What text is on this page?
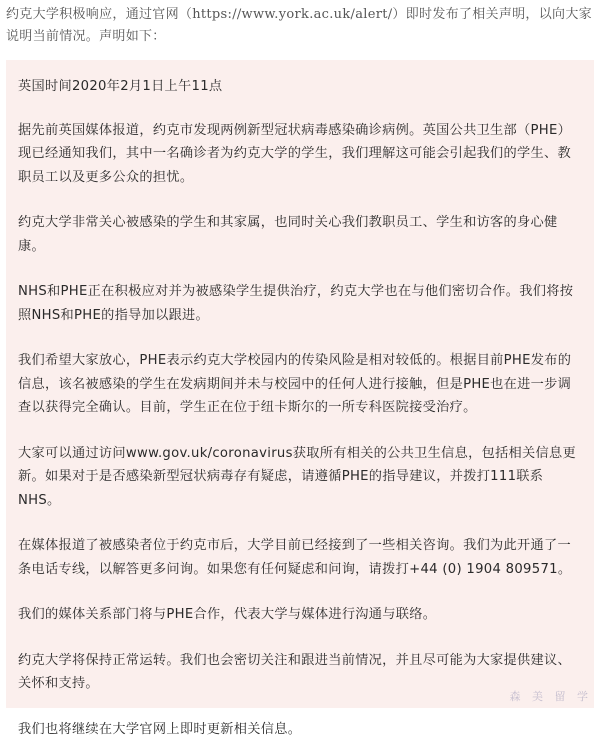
约克大学积极响应，通过官网（https://www.york.ac.uk/alert/）即时发布了相关声明，以向大家说明当前情况。声明如下：

英国时间2020年2月1日上午11点

据先前英国媒体报道，约克市发现两例新型冠状病毒感染确诊病例。英国公共卫生部（PHE）现已经通知我们，其中一名确诊者为约克大学的学生，我们理解这可能会引起我们的学生、教职员工以及更多公众的担忧。

约克大学非常关心被感染的学生和其家属，也同时关心我们教职员工、学生和访客的身心健康。

NHS和PHE正在积极应对并为被感染学生提供治疗，约克大学也在与他们密切合作。我们将按照NHS和PHE的指导加以跟进。

我们希望大家放心，PHE表示约克大学校园内的传染风险是相对较低的。根据目前PHE发布的信息，该名被感染的学生在发病期间并未与校园中的任何人进行接触，但是PHE也在进一步调查以获得完全确认。目前，学生正在位于纽卡斯尔的一所专科医院接受治疗。

大家可以通过访问www.gov.uk/coronavirus获取所有相关的公共卫生信息，包括相关信息更新。如果对于是否感染新型冠状病毒存有疑虑，请遵循PHE的指导建议，并拨打111联系NHS。

在媒体报道了被感染者位于约克市后，大学目前已经接到了一些相关咨询。我们为此开通了一条电话专线，以解答更多问询。如果您有任何疑虑和问询，请拨打+44 (0) 1904 809571。

我们的媒体关系部门将与PHE合作，代表大学与媒体进行沟通与联络。

约克大学将保持正常运转。我们也会密切关注和跟进当前情况，并且尽可能为大家提供建议、关怀和支持。

我们也将继续在大学官网上即时更新相关信息。

森 美 留 学
